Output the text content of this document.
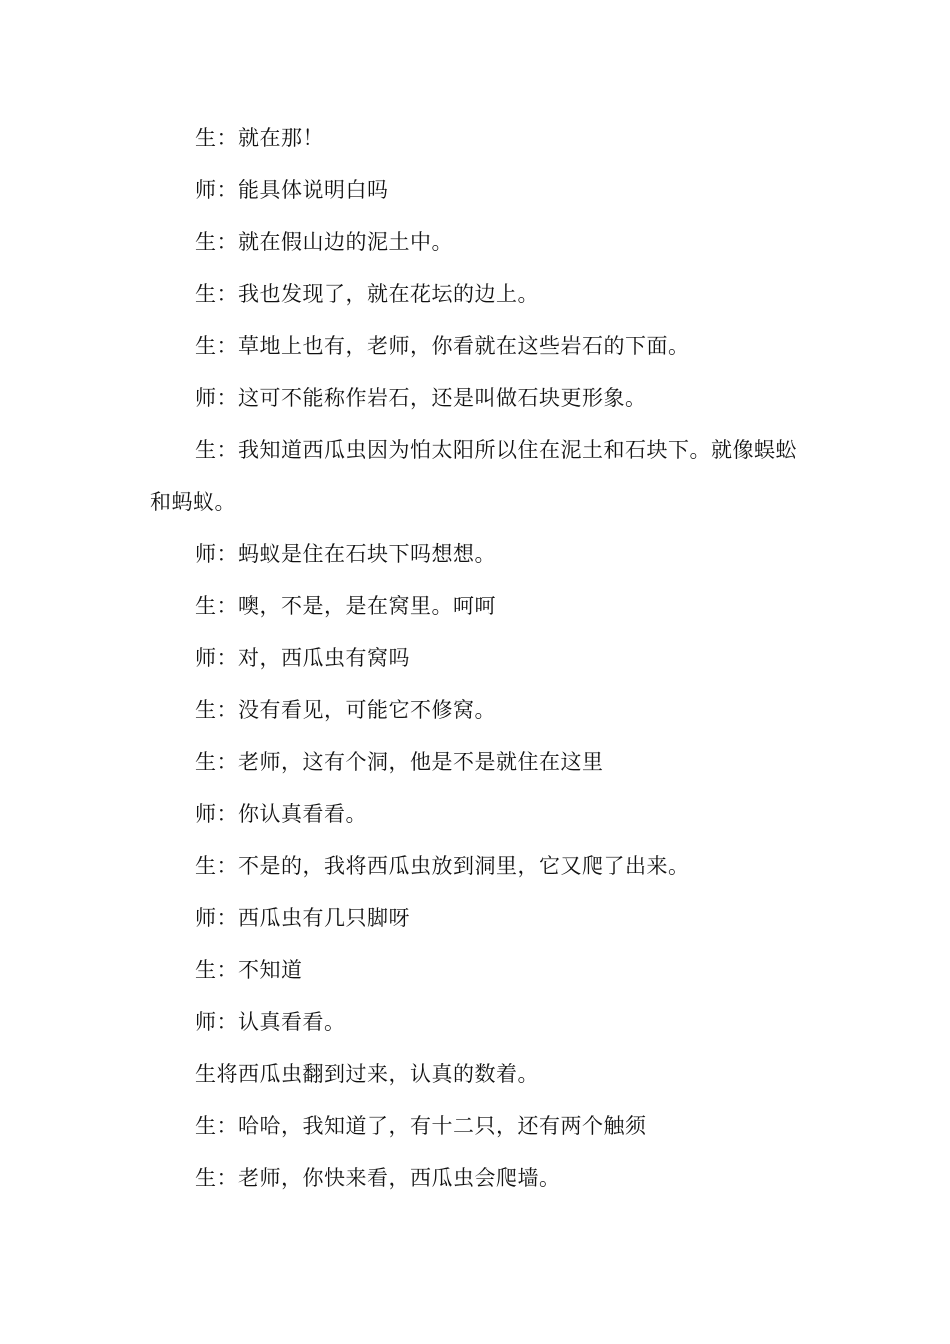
生：就在那！

师：能具体说明白吗

生：就在假山边的泥土中。

生：我也发现了，就在花坛的边上。

生：草地上也有，老师，你看就在这些岩石的下面。

师：这可不能称作岩石，还是叫做石块更形象。

生：我知道西瓜虫因为怕太阳所以住在泥土和石块下。就像蜈蚣和蚂蚁。

师：蚂蚁是住在石块下吗想想。

生：噢，不是，是在窝里。呵呵

师：对，西瓜虫有窝吗

生：没有看见，可能它不修窝。

生：老师，这有个洞，他是不是就住在这里

师：你认真看看。

生：不是的，我将西瓜虫放到洞里，它又爬了出来。

师：西瓜虫有几只脚呀

生：不知道

师：认真看看。

生将西瓜虫翻到过来，认真的数着。

生：哈哈，我知道了，有十二只，还有两个触须

生：老师，你快来看，西瓜虫会爬墙。
